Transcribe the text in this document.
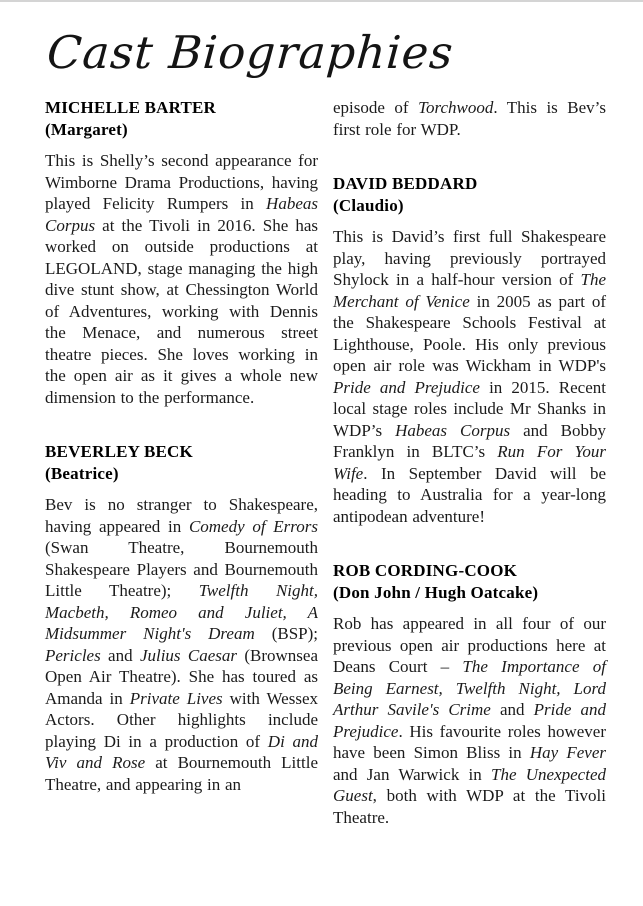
Cast Biographies
MICHELLE BARTER
(Margaret)

This is Shelly’s second appearance for Wimborne Drama Productions, having played Felicity Rumpers in Habeas Corpus at the Tivoli in 2016. She has worked on outside productions at LEGOLAND, stage managing the high dive stunt show, at Chessington World of Adventures, working with Dennis the Menace, and numerous street theatre pieces. She loves working in the open air as it gives a whole new dimension to the performance.

BEVERLEY BECK
(Beatrice)

Bev is no stranger to Shakespeare, having appeared in Comedy of Errors (Swan Theatre, Bournemouth Shakespeare Players and Bournemouth Little Theatre); Twelfth Night, Macbeth, Romeo and Juliet, A Midsummer Night's Dream (BSP); Pericles and Julius Caesar (Brownsea Open Air Theatre). She has toured as Amanda in Private Lives with Wessex Actors. Other highlights include playing Di in a production of Di and Viv and Rose at Bournemouth Little Theatre, and appearing in an

episode of Torchwood. This is Bev’s first role for WDP.

DAVID BEDDARD
(Claudio)

This is David’s first full Shakespeare play, having previously portrayed Shylock in a half-hour version of The Merchant of Venice in 2005 as part of the Shakespeare Schools Festival at Lighthouse, Poole. His only previous open air role was Wickham in WDP's Pride and Prejudice in 2015. Recent local stage roles include Mr Shanks in WDP’s Habeas Corpus and Bobby Franklyn in BLTC’s Run For Your Wife. In September David will be heading to Australia for a year-long antipodean adventure!

ROB CORDING-COOK
(Don John / Hugh Oatcake)

Rob has appeared in all four of our previous open air productions here at Deans Court – The Importance of Being Earnest, Twelfth Night, Lord Arthur Savile's Crime and Pride and Prejudice. His favourite roles however have been Simon Bliss in Hay Fever and Jan Warwick in The Unexpected Guest, both with WDP at the Tivoli Theatre.
